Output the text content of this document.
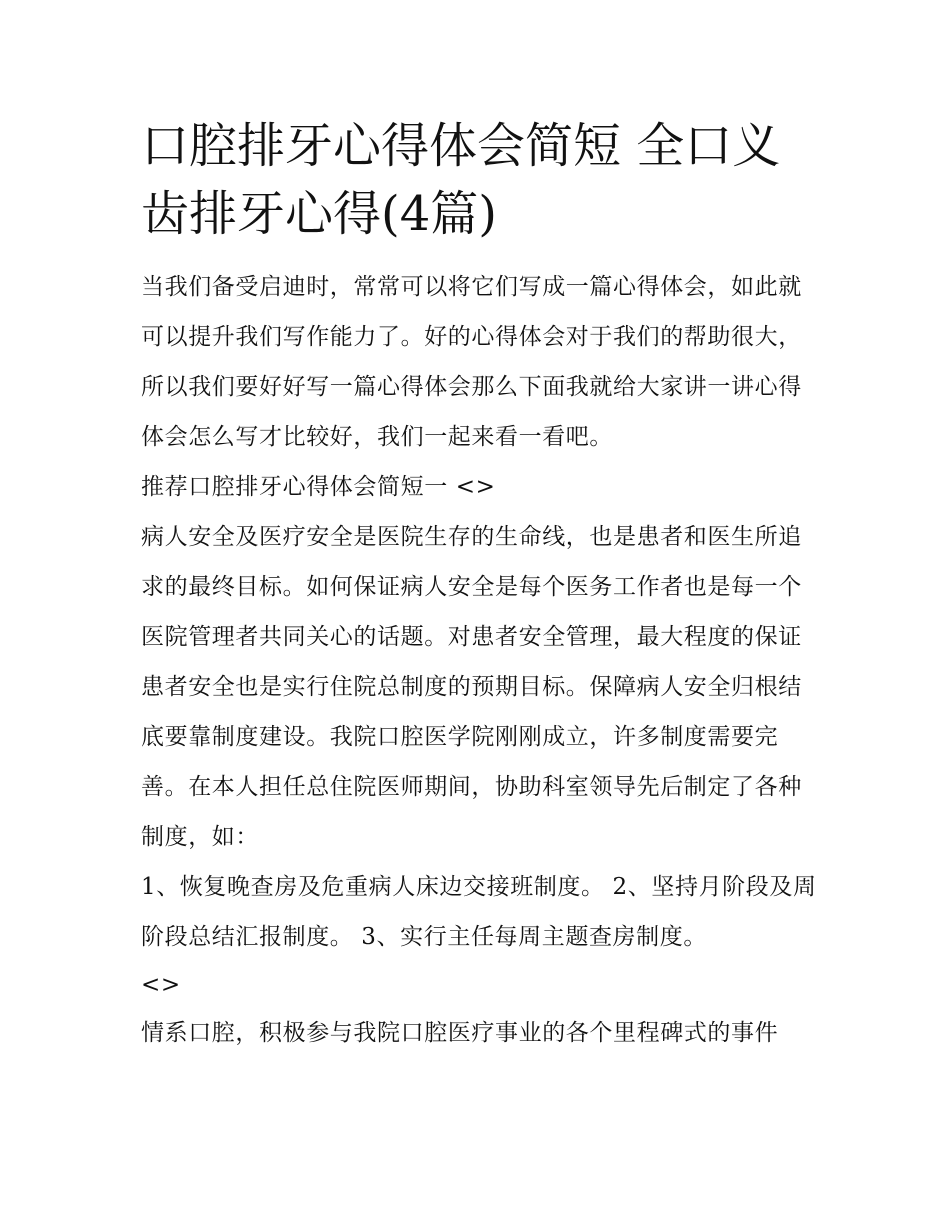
口腔排牙心得体会简短 全口义齿排牙心得(4篇)

当我们备受启迪时，常常可以将它们写成一篇心得体会，如此就可以提升我们写作能力了。好的心得体会对于我们的帮助很大，所以我们要好好写一篇心得体会那么下面我就给大家讲一讲心得体会怎么写才比较好，我们一起来看一看吧。

推荐口腔排牙心得体会简短一 <>

病人安全及医疗安全是医院生存的生命线，也是患者和医生所追求的最终目标。如何保证病人安全是每个医务工作者也是每一个医院管理者共同关心的话题。对患者安全管理，最大程度的保证患者安全也是实行住院总制度的预期目标。保障病人安全归根结底要靠制度建设。我院口腔医学院刚刚成立，许多制度需要完善。在本人担任总住院医师期间，协助科室领导先后制定了各种制度，如：

1、恢复晚查房及危重病人床边交接班制度。 2、坚持月阶段及周阶段总结汇报制度。 3、实行主任每周主题查房制度。

<>

情系口腔，积极参与我院口腔医疗事业的各个里程碑式的事件
